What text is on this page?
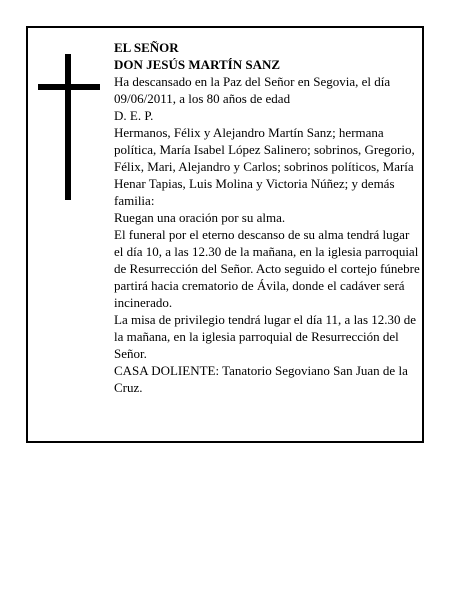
EL SEÑOR

DON JESÚS MARTÍN SANZ

Ha descansado en la Paz del Señor en Segovia, el día 09/06/2011, a los 80 años de edad

D. E. P.

Hermanos, Félix y Alejandro Martín Sanz; hermana política, María Isabel López Salinero; sobrinos, Gregorio, Félix, Mari, Alejandro y Carlos; sobrinos políticos, María Henar Tapias, Luis Molina y Victoria Núñez; y demás familia:

Ruegan una oración por su alma.

El funeral por el eterno descanso de su alma tendrá lugar el día 10, a las 12.30 de la mañana, en la iglesia parroquial de Resurrección del Señor. Acto seguido el cortejo fúnebre partirá hacia crematorio de Ávila, donde el cadáver será incinerado.

La misa de privilegio tendrá lugar el día 11, a las 12.30 de la mañana, en la iglesia parroquial de Resurrección del Señor.

CASA DOLIENTE: Tanatorio Segoviano San Juan de la Cruz.
